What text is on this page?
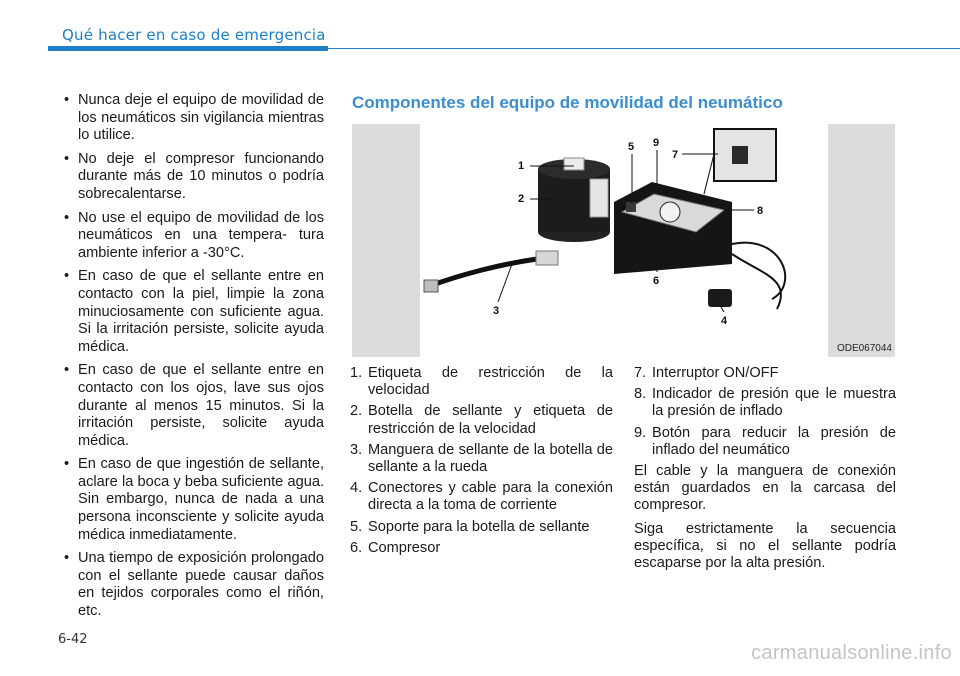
Qué hacer en caso de emergencia
• Nunca deje el equipo de movilidad de los neumáticos sin vigilancia mientras lo utilice.
• No deje el compresor funcionando durante más de 10 minutos o podría sobrecalentarse.
• No use el equipo de movilidad de los neumáticos en una tempera- tura ambiente inferior a -30°C.
• En caso de que el sellante entre en contacto con la piel, limpie la zona minuciosamente con suficiente agua. Si la irritación persiste, solicite ayuda médica.
• En caso de que el sellante entre en contacto con los ojos, lave sus ojos durante al menos 15 minutos. Si la irritación persiste, solicite ayuda médica.
• En caso de que ingestión de sellante, aclare la boca y beba suficiente agua. Sin embargo, nunca de nada a una persona inconsciente y solicite ayuda médica inmediatamente.
• Una tiempo de exposición prolongado con el sellante puede causar daños en tejidos corporales como el riñón, etc.
Componentes del equipo de movilidad del neumático
1
2
3
4
5
6
7
8
9
ODE067044
1. Etiqueta de restricción de la velocidad
2. Botella de sellante y etiqueta de restricción de la velocidad
3. Manguera de sellante de la botella de sellante a la rueda
4. Conectores y cable para la conexión directa a la toma de corriente
5. Soporte para la botella de sellante
6. Compresor
7. Interruptor ON/OFF
8. Indicador de presión que le muestra la presión de inflado
9. Botón para reducir la presión de inflado del neumático

El cable y la manguera de conexión están guardados en la carcasa del compresor.

Siga estrictamente la secuencia específica, si no el sellante podría escaparse por la alta presión.

6-42
carmanualsonline.info
